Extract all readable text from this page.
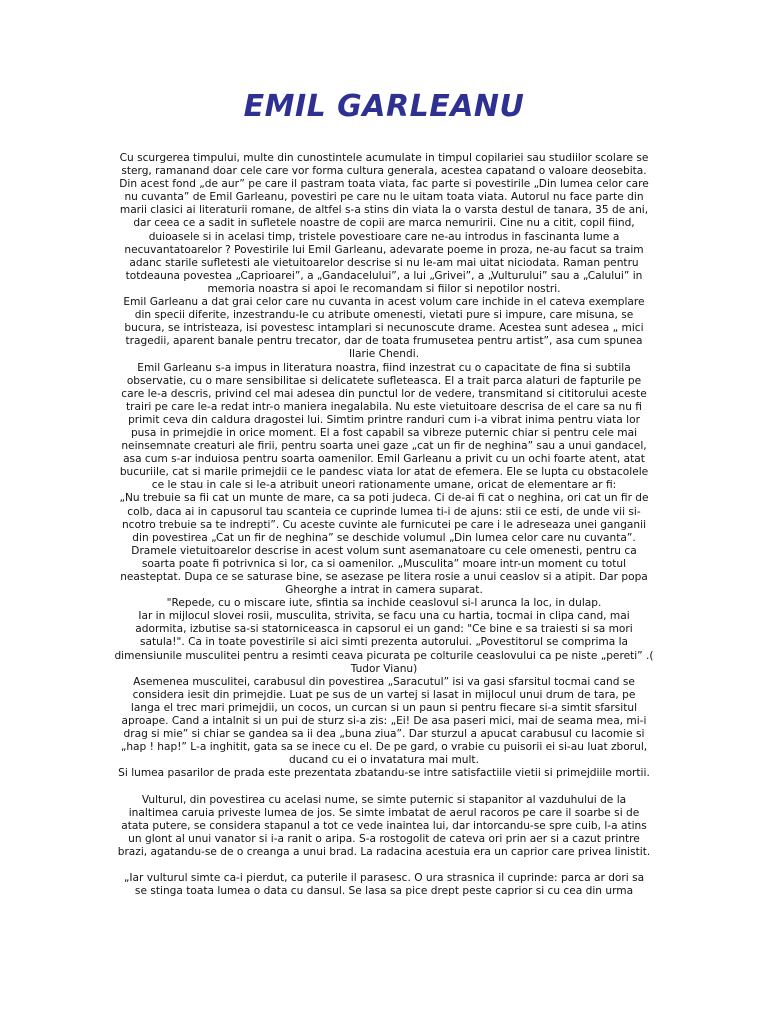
EMIL GARLEANU
Cu scurgerea timpului, multe din cunostintele acumulate in timpul copilariei sau studiilor scolare se
sterg, ramanand doar cele care vor forma cultura generala, acestea capatand o valoare deosebita.
Din acest fond „de aur” pe care il pastram toata viata, fac parte si povestirile „Din lumea celor care
nu cuvanta” de Emil Garleanu, povestiri pe care nu le uitam toata viata. Autorul nu face parte din
marii clasici ai literaturii romane, de altfel s-a stins din viata la o varsta destul de tanara, 35 de ani,
dar ceea ce a sadit in sufletele noastre de copii are marca nemuririi. Cine nu a citit, copil fiind,
duioasele si in acelasi timp, tristele povestioare care ne-au introdus in fascinanta lume a
necuvantatoarelor ? Povestirile lui Emil Garleanu, adevarate poeme in proza, ne-au facut sa traim
adanc starile sufletesti ale vietuitoarelor descrise si nu le-am mai uitat niciodata. Raman pentru
totdeauna povestea „Caprioarei”, a „Gandacelului”, a lui „Grivei”, a „Vulturului” sau a „Calului” in
memoria noastra si apoi le recomandam si fiilor si nepotilor nostri.
Emil Garleanu a dat grai celor care nu cuvanta in acest volum care inchide in el cateva exemplare
din specii diferite, inzestrandu-le cu atribute omenesti, vietati pure si impure, care misuna, se
bucura, se intristeaza, isi povestesc intamplari si necunoscute drame. Acestea sunt adesea „ mici
tragedii, aparent banale pentru trecator, dar de toata frumusetea pentru artist”, asa cum spunea
Ilarie Chendi.
Emil Garleanu s-a impus in literatura noastra, fiind inzestrat cu o capacitate de fina si subtila
observatie, cu o mare sensibilitae si delicatete sufleteasca. El a trait parca alaturi de fapturile pe
care le-a descris, privind cel mai adesea din punctul lor de vedere, transmitand si cititorului aceste
trairi pe care le-a redat intr-o maniera inegalabila. Nu este vietuitoare descrisa de el care sa nu fi
primit ceva din caldura dragostei lui. Simtim printre randuri cum i-a vibrat inima pentru viata lor
pusa in primejdie in orice moment. El a fost capabil sa vibreze puternic chiar si pentru cele mai
neinsemnate creaturi ale firii, pentru soarta unei gaze „cat un fir de neghina” sau a unui gandacel,
asa cum s-ar induiosa pentru soarta oamenilor. Emil Garleanu a privit cu un ochi foarte atent, atat
bucuriile, cat si marile primejdii ce le pandesc viata lor atat de efemera. Ele se lupta cu obstacolele
ce le stau in cale si le-a atribuit uneori rationamente umane, oricat de elementare ar fi:
„Nu trebuie sa fii cat un munte de mare, ca sa poti judeca. Ci de-ai fi cat o neghina, ori cat un fir de
colb, daca ai in capusorul tau scanteia ce cuprinde lumea ti-i de ajuns: stii ce esti, de unde vii si-
ncotro trebuie sa te indrepti”. Cu aceste cuvinte ale furnicutei pe care i le adreseaza unei ganganii
din povestirea „Cat un fir de neghina” se deschide volumul „Din lumea celor care nu cuvanta”.
Dramele vietuitoarelor descrise in acest volum sunt asemanatoare cu cele omenesti, pentru ca
soarta poate fi potrivnica si lor, ca si oamenilor. „Musculita” moare intr-un moment cu totul
neasteptat. Dupa ce se saturase bine, se asezase pe litera rosie a unui ceaslov si a atipit. Dar popa
Gheorghe a intrat in camera suparat.
"Repede, cu o miscare iute, sfintia sa inchide ceaslovul si-l arunca la loc, in dulap.
Iar in mijlocul slovei rosii, musculita, strivita, se facu una cu hartia, tocmai in clipa cand, mai
adormita, izbutise sa-si statorniceasca in capsorul ei un gand: "Ce bine e sa traiesti si sa mori
satula!". Ca in toate povestirile si aici simti prezenta autorului. „Povestitorul se comprima la
dimensiunile musculitei pentru a resimti ceava picurata pe colturile ceaslovului ca pe niste „pereti” .(
Tudor Vianu)
Asemenea musculitei, carabusul din povestirea „Saracutul” isi va gasi sfarsitul tocmai cand se
considera iesit din primejdie. Luat pe sus de un vartej si lasat in mijlocul unui drum de tara, pe
langa el trec mari primejdii, un cocos, un curcan si un paun si pentru fiecare si-a simtit sfarsitul
aproape. Cand a intalnit si un pui de sturz si-a zis: „Ei! De asa paseri mici, mai de seama mea, mi-i
drag si mie” si chiar se gandea sa ii dea „buna ziua”. Dar sturzul a apucat carabusul cu lacomie si
„hap ! hap!” L-a inghitit, gata sa se inece cu el. De pe gard, o vrabie cu puisorii ei si-au luat zborul,
ducand cu ei o invatatura mai mult.
Si lumea pasarilor de prada este prezentata zbatandu-se intre satisfactiile vietii si primejdiile mortii.
Vulturul, din povestirea cu acelasi nume, se simte puternic si stapanitor al vazduhului de la
inaltimea caruia priveste lumea de jos. Se simte imbatat de aerul racoros pe care il soarbe si de
atata putere, se considera stapanul a tot ce vede inaintea lui, dar intorcandu-se spre cuib, l-a atins
un glont al unui vanator si i-a ranit o aripa. S-a rostogolit de cateva ori prin aer si a cazut printre
brazi, agatandu-se de o creanga a unui brad. La radacina acestuia era un caprior care privea linistit.
„Iar vulturul simte ca-i pierdut, ca puterile il parasesc. O ura strasnica il cuprinde: parca ar dori sa
se stinga toata lumea o data cu dansul. Se lasa sa pice drept peste caprior si cu cea din urma
